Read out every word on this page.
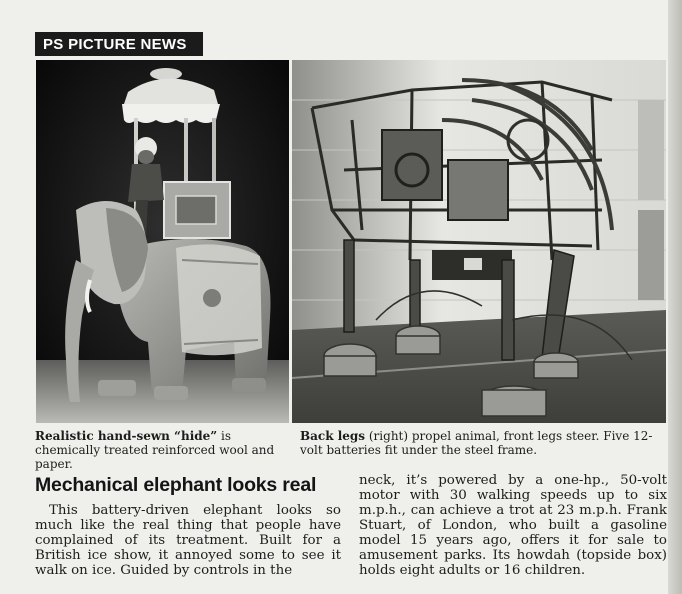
PS PICTURE NEWS
Realistic hand-sewn “hide” is chemically treated reinforced wool and paper.
Back legs (right) propel animal, front legs steer. Five 12-volt batteries fit under the steel frame.
Mechanical elephant looks real
This battery-driven elephant looks so much like the real thing that people have complained of its treatment. Built for a British ice show, it annoyed some to see it walk on ice. Guided by controls in the
neck, it’s powered by a one-hp., 50-volt motor with 30 walking speeds up to six m.p.h., can achieve a trot at 23 m.p.h. Frank Stuart, of London, who built a gasoline model 15 years ago, offers it for sale to amusement parks. Its howdah (topside box) holds eight adults or 16 children.
